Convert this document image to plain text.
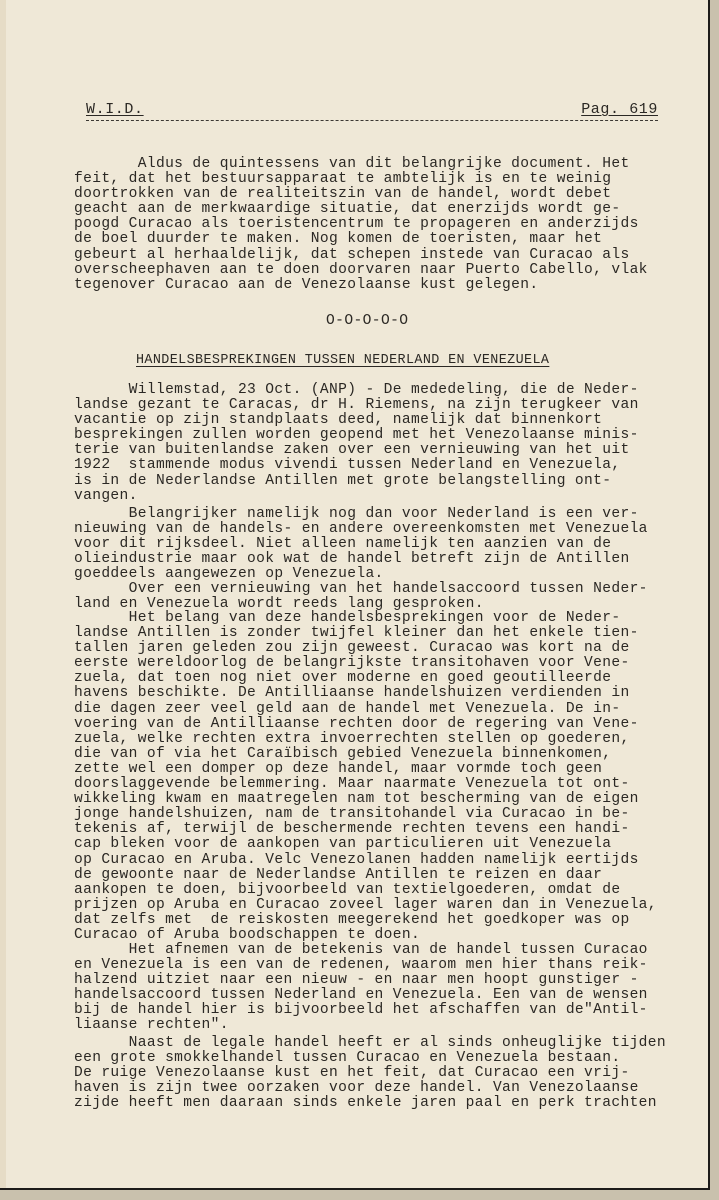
W.I.D.	Pag. 619
Aldus de quintessens van dit belangrijke document. Het
feit, dat het bestuursapparaat te ambtelijk is en te weinig
doortrokken van de realiteitszin van de handel, wordt debet
geacht aan de merkwaardige situatie, dat enerzijds wordt ge-
poogd Curacao als toeristencentrum te propageren en anderzijds
de boel duurder te maken. Nog komen de toeristen, maar het
gebeurt al herhaaldelijk, dat schepen instede van Curacao als
overscheephaven aan te doen doorvaren naar Puerto Cabello, vlak
tegenover Curacao aan de Venezolaanse kust gelegen.
O-O-O-O-O
HANDELSBESPREKINGEN TUSSEN NEDERLAND EN VENEZUELA
Willemstad, 23 Oct. (ANP) - De mededeling, die de Neder-
landse gezant te Caracas, dr H. Riemens, na zijn terugkeer van
vacantie op zijn standplaats deed, namelijk dat binnenkort
besprekingen zullen worden geopend met het Venezolaanse minis-
terie van buitenlandse zaken over een vernieuwing van het uit
1922  stammende modus vivendi tussen Nederland en Venezuela,
is in de Nederlandse Antillen met grote belangstelling ont-
vangen.
Belangrijker namelijk nog dan voor Nederland is een ver-
nieuwing van de handels- en andere overeenkomsten met Venezuela
voor dit rijksdeel. Niet alleen namelijk ten aanzien van de
olieindustrie maar ook wat de handel betreft zijn de Antillen
goeddeels aangewezen op Venezuela.
Over een vernieuwing van het handelsaccoord tussen Neder-
land en Venezuela wordt reeds lang gesproken.
Het belang van deze handelsbesprekingen voor de Neder-
landse Antillen is zonder twijfel kleiner dan het enkele tien-
tallen jaren geleden zou zijn geweest. Curacao was kort na de
eerste wereldoorlog de belangrijkste transitohaven voor Vene-
zuela, dat toen nog niet over moderne en goed geoutilleerde
havens beschikte. De Antilliaanse handelshuizen verdienden in
die dagen zeer veel geld aan de handel met Venezuela. De in-
voering van de Antilliaanse rechten door de regering van Vene-
zuela, welke rechten extra invoerrechten stellen op goederen,
die van of via het Caraïbisch gebied Venezuela binnenkomen,
zette wel een domper op deze handel, maar vormde toch geen
doorslaggevende belemmering. Maar naarmate Venezuela tot ont-
wikkeling kwam en maatregelen nam tot bescherming van de eigen
jonge handelshuizen, nam de transitohandel via Curacao in be-
tekenis af, terwijl de beschermende rechten tevens een handi-
cap bleken voor de aankopen van particulieren uit Venezuela
op Curacao en Aruba. Velc Venezolanen hadden namelijk eertijds
de gewoonte naar de Nederlandse Antillen te reizen en daar
aankopen te doen, bijvoorbeeld van textielgoederen, omdat de
prijzen op Aruba en Curacao zoveel lager waren dan in Venezuela,
dat zelfs met  de reiskosten meegerekend het goedkoper was op
Curacao of Aruba boodschappen te doen.
Het afnemen van de betekenis van de handel tussen Curacao
en Venezuela is een van de redenen, waarom men hier thans reik-
halzend uitziet naar een nieuw - en naar men hoopt gunstiger -
handelsaccoord tussen Nederland en Venezuela. Een van de wensen
bij de handel hier is bijvoorbeeld het afschaffen van de"Antil-
liaanse rechten".
Naast de legale handel heeft er al sinds onheuglijke tijden
een grote smokkelhandel tussen Curacao en Venezuela bestaan.
De ruige Venezolaanse kust en het feit, dat Curacao een vrij-
haven is zijn twee oorzaken voor deze handel. Van Venezolaanse
zijde heeft men daaraan sinds enkele jaren paal en perk trachten
